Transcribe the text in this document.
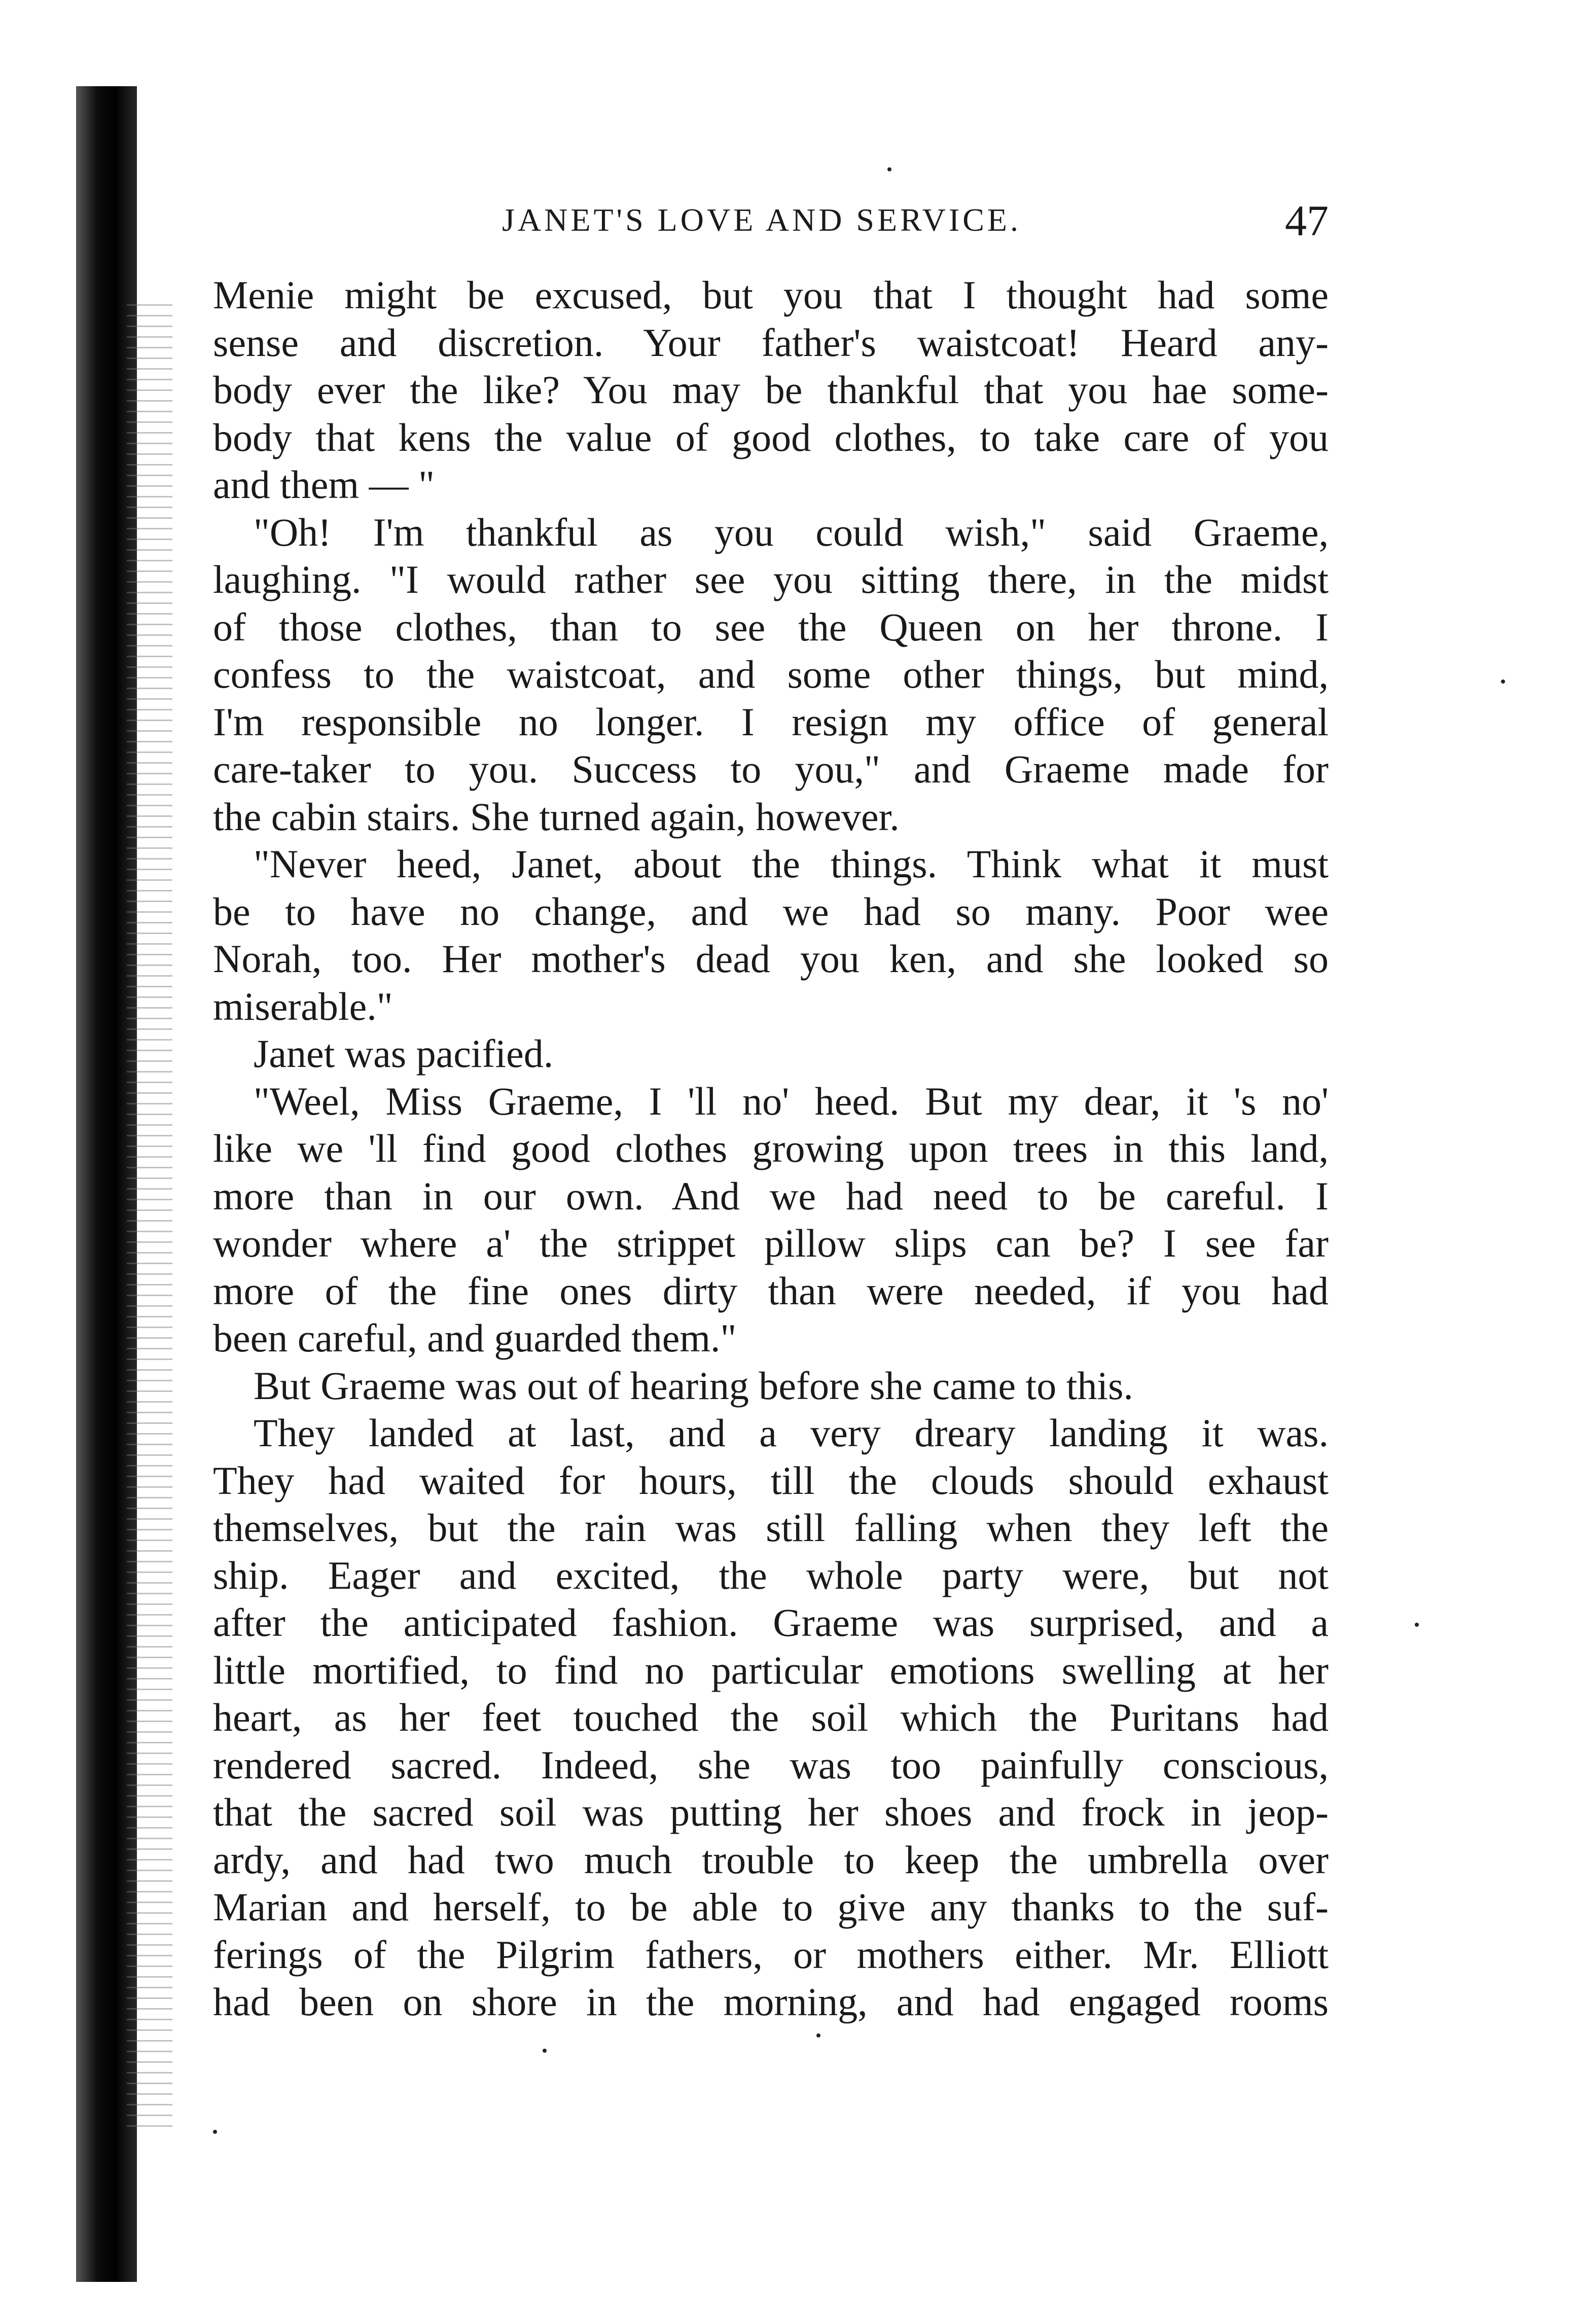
JANET'S LOVE AND SERVICE.	47
Menie might be excused, but you that I thought had some
sense and discretion. Your father's waistcoat! Heard any-
body ever the like? You may be thankful that you hae some-
body that kens the value of good clothes, to take care of you
and them — "
"Oh! I'm thankful as you could wish," said Graeme,
laughing. "I would rather see you sitting there, in the midst
of those clothes, than to see the Queen on her throne. I
confess to the waistcoat, and some other things, but mind,
I'm responsible no longer. I resign my office of general
care-taker to you. Success to you," and Graeme made for
the cabin stairs. She turned again, however.
"Never heed, Janet, about the things. Think what it must
be to have no change, and we had so many. Poor wee
Norah, too. Her mother's dead you ken, and she looked so
miserable."
Janet was pacified.
"Weel, Miss Graeme, I 'll no' heed. But my dear, it 's no'
like we 'll find good clothes growing upon trees in this land,
more than in our own. And we had need to be careful. I
wonder where a' the strippet pillow slips can be? I see far
more of the fine ones dirty than were needed, if you had
been careful, and guarded them."
But Graeme was out of hearing before she came to this.
They landed at last, and a very dreary landing it was.
They had waited for hours, till the clouds should exhaust
themselves, but the rain was still falling when they left the
ship. Eager and excited, the whole party were, but not
after the anticipated fashion. Graeme was surprised, and a
little mortified, to find no particular emotions swelling at her
heart, as her feet touched the soil which the Puritans had
rendered sacred. Indeed, she was too painfully conscious,
that the sacred soil was putting her shoes and frock in jeop-
ardy, and had two much trouble to keep the umbrella over
Marian and herself, to be able to give any thanks to the suf-
ferings of the Pilgrim fathers, or mothers either. Mr. Elliott
had been on shore in the morning, and had engaged rooms
